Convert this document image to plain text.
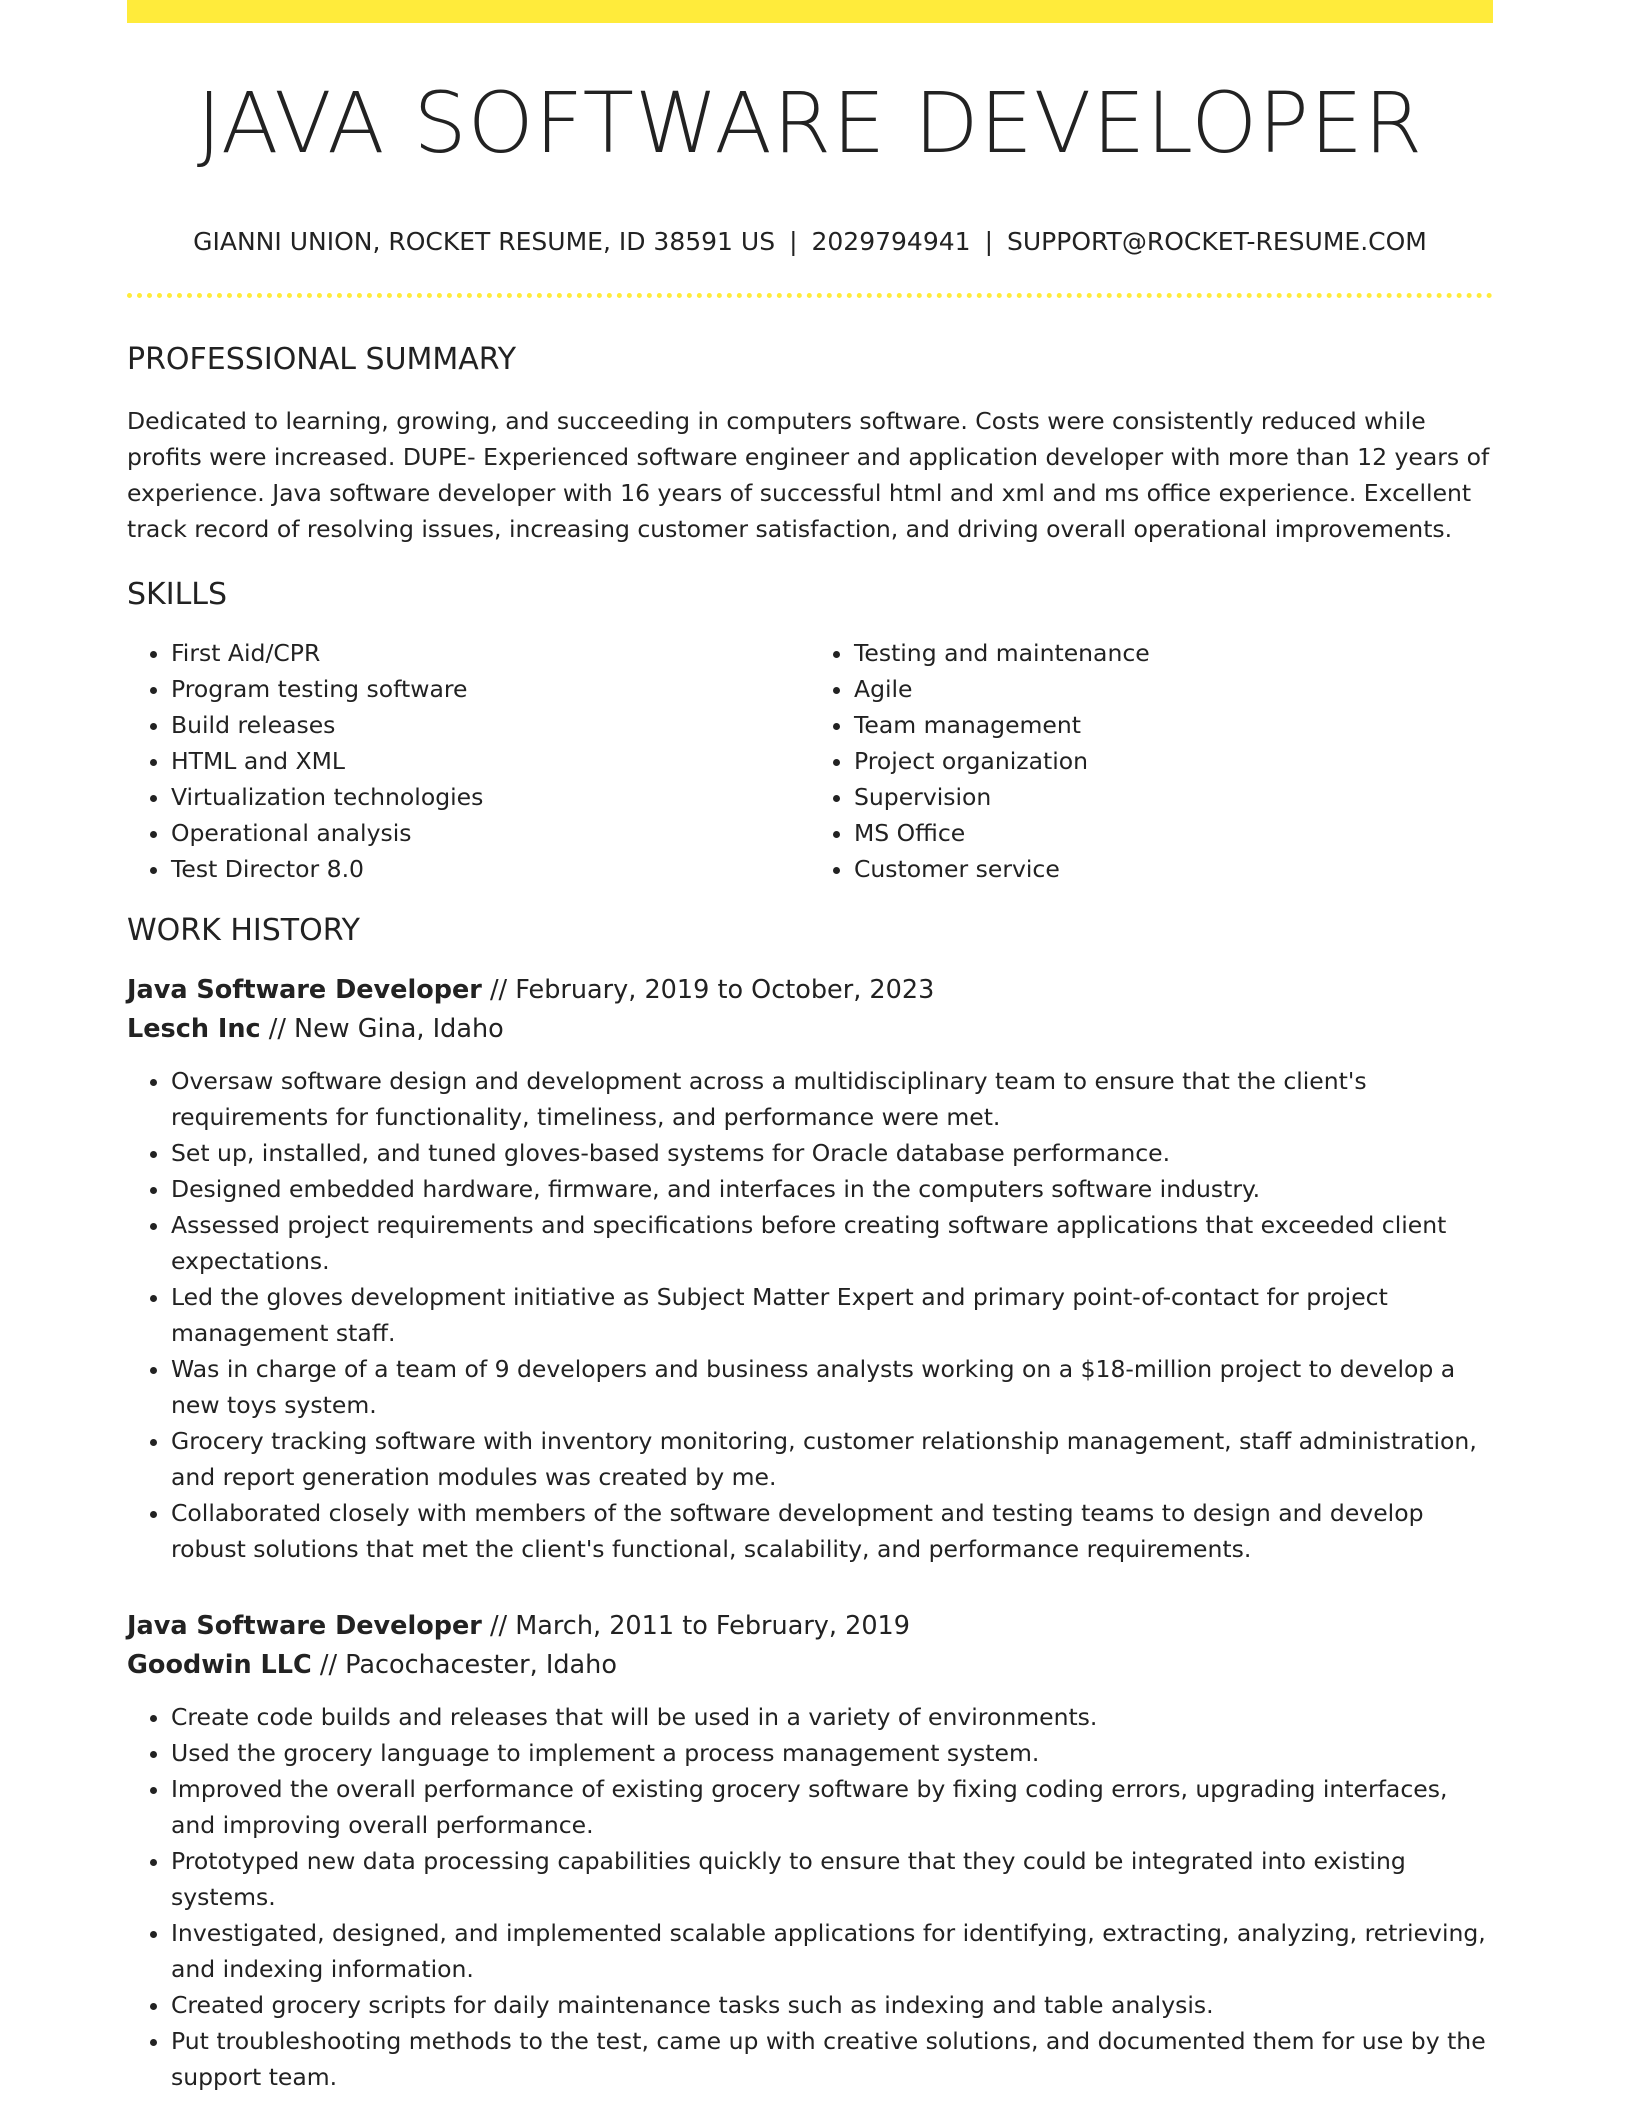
JAVA SOFTWARE DEVELOPER
GIANNI UNION, ROCKET RESUME, ID 38591 US | 2029794941 | SUPPORT@ROCKET-RESUME.COM
PROFESSIONAL SUMMARY

Dedicated to learning, growing, and succeeding in computers software. Costs were consistently reduced while profits were increased. DUPE- Experienced software engineer and application developer with more than 12 years of experience. Java software developer with 16 years of successful html and xml and ms office experience. Excellent track record of resolving issues, increasing customer satisfaction, and driving overall operational improvements.

SKILLS
• First Aid/CPR
• Program testing software
• Build releases
• HTML and XML
• Virtualization technologies
• Operational analysis
• Test Director 8.0
• Testing and maintenance
• Agile
• Team management
• Project organization
• Supervision
• MS Office
• Customer service
WORK HISTORY
Java Software Developer // February, 2019 to October, 2023
Lesch Inc // New Gina, Idaho
• Oversaw software design and development across a multidisciplinary team to ensure that the client's requirements for functionality, timeliness, and performance were met.
• Set up, installed, and tuned gloves-based systems for Oracle database performance.
• Designed embedded hardware, firmware, and interfaces in the computers software industry.
• Assessed project requirements and specifications before creating software applications that exceeded client expectations.
• Led the gloves development initiative as Subject Matter Expert and primary point-of-contact for project management staff.
• Was in charge of a team of 9 developers and business analysts working on a $18-million project to develop a new toys system.
• Grocery tracking software with inventory monitoring, customer relationship management, staff administration, and report generation modules was created by me.
• Collaborated closely with members of the software development and testing teams to design and develop robust solutions that met the client's functional, scalability, and performance requirements.
Java Software Developer // March, 2011 to February, 2019
Goodwin LLC // Pacochacester, Idaho
• Create code builds and releases that will be used in a variety of environments.
• Used the grocery language to implement a process management system.
• Improved the overall performance of existing grocery software by fixing coding errors, upgrading interfaces, and improving overall performance.
• Prototyped new data processing capabilities quickly to ensure that they could be integrated into existing systems.
• Investigated, designed, and implemented scalable applications for identifying, extracting, analyzing, retrieving, and indexing information.
• Created grocery scripts for daily maintenance tasks such as indexing and table analysis.
• Put troubleshooting methods to the test, came up with creative solutions, and documented them for use by the support team.
